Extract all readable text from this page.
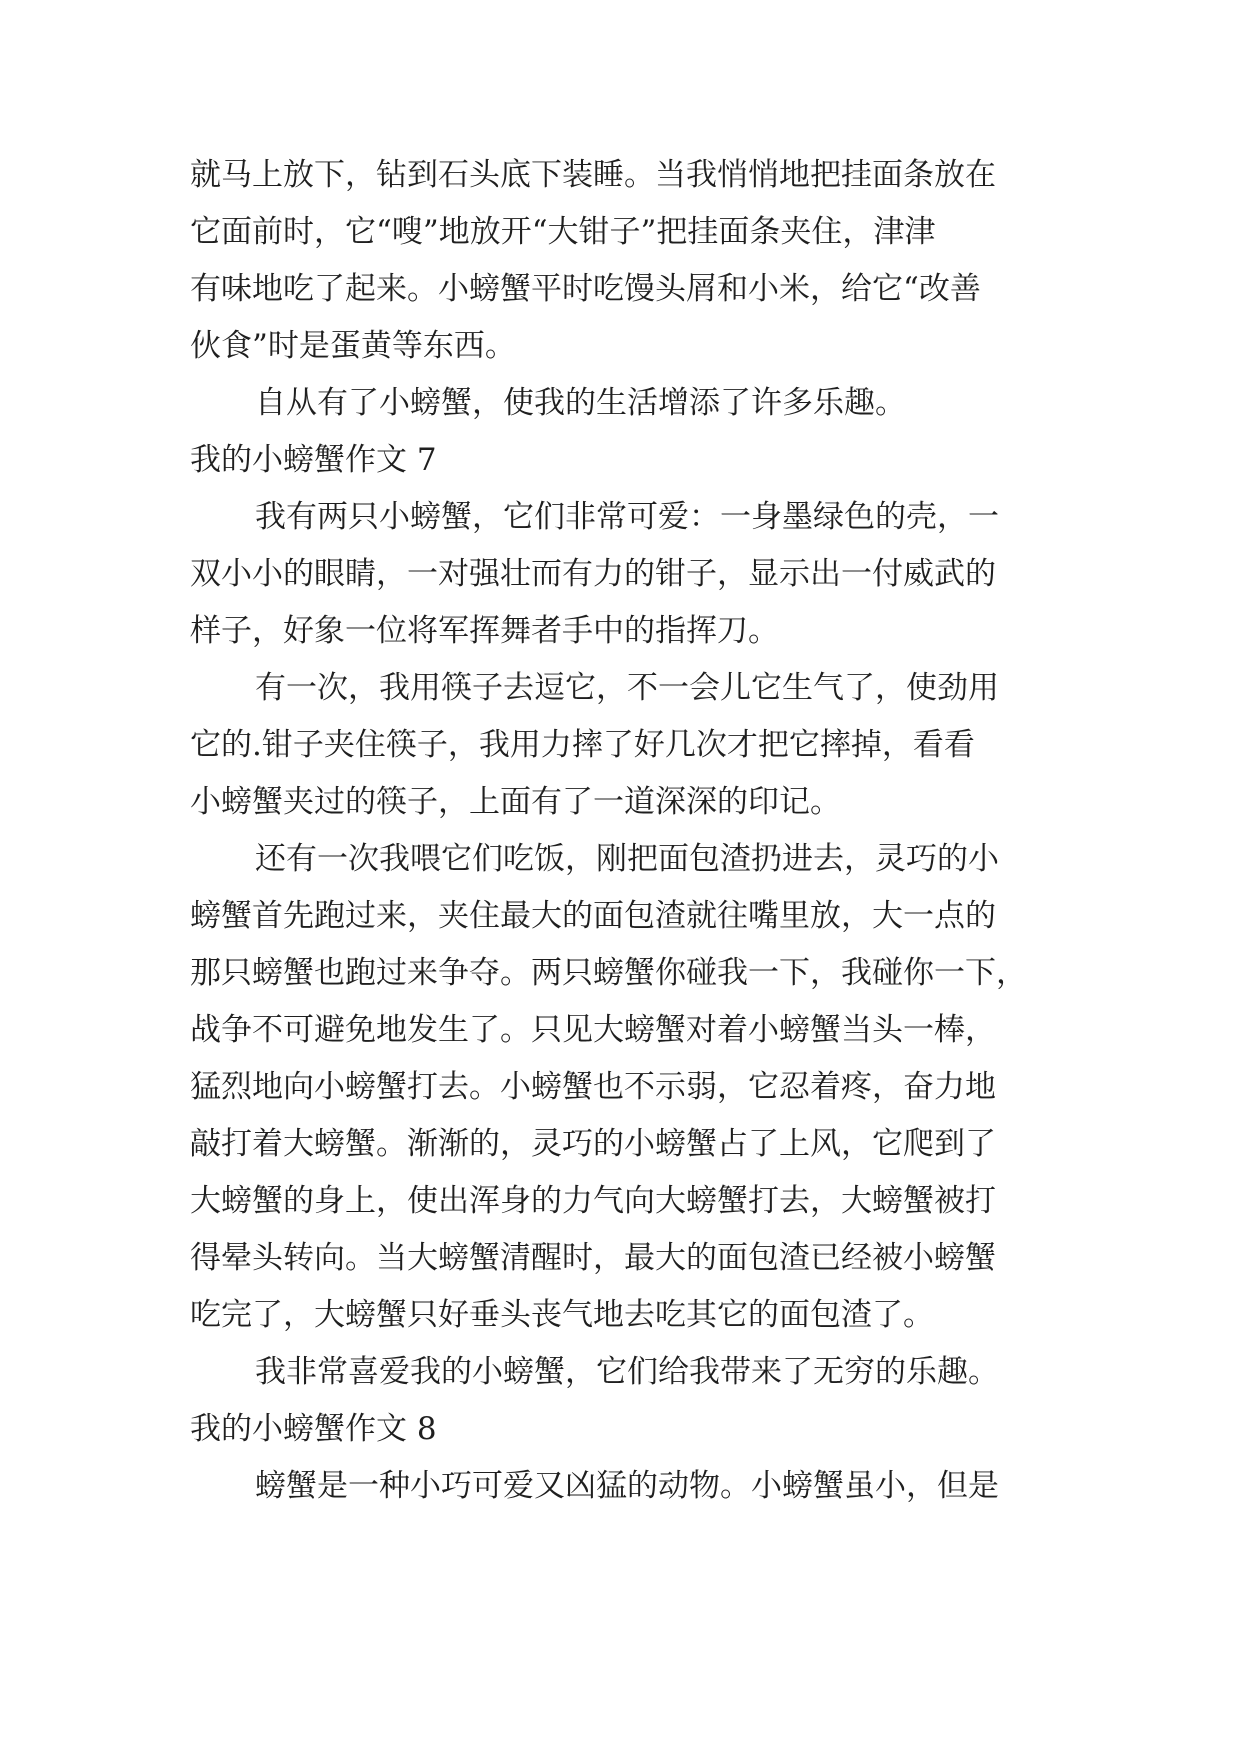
就马上放下，钻到石头底下装睡。当我悄悄地把挂面条放在
它面前时，它“嗖”地放开“大钳子”把挂面条夹住，津津
有味地吃了起来。小螃蟹平时吃馒头屑和小米，给它“改善
伙食”时是蛋黄等东西。
自从有了小螃蟹，使我的生活增添了许多乐趣。
我的小螃蟹作文 7
我有两只小螃蟹，它们非常可爱：一身墨绿色的壳，一
双小小的眼睛，一对强壮而有力的钳子，显示出一付威武的
样子，好象一位将军挥舞者手中的指挥刀。
有一次，我用筷子去逗它，不一会儿它生气了，使劲用
它的.钳子夹住筷子，我用力摔了好几次才把它摔掉，看看
小螃蟹夹过的筷子，上面有了一道深深的印记。
还有一次我喂它们吃饭，刚把面包渣扔进去，灵巧的小
螃蟹首先跑过来，夹住最大的面包渣就往嘴里放，大一点的
那只螃蟹也跑过来争夺。两只螃蟹你碰我一下，我碰你一下，
战争不可避免地发生了。只见大螃蟹对着小螃蟹当头一棒，
猛烈地向小螃蟹打去。小螃蟹也不示弱，它忍着疼，奋力地
敲打着大螃蟹。渐渐的，灵巧的小螃蟹占了上风，它爬到了
大螃蟹的身上，使出浑身的力气向大螃蟹打去，大螃蟹被打
得晕头转向。当大螃蟹清醒时，最大的面包渣已经被小螃蟹
吃完了，大螃蟹只好垂头丧气地去吃其它的面包渣了。
我非常喜爱我的小螃蟹，它们给我带来了无穷的乐趣。
我的小螃蟹作文 8
螃蟹是一种小巧可爱又凶猛的动物。小螃蟹虽小，但是
